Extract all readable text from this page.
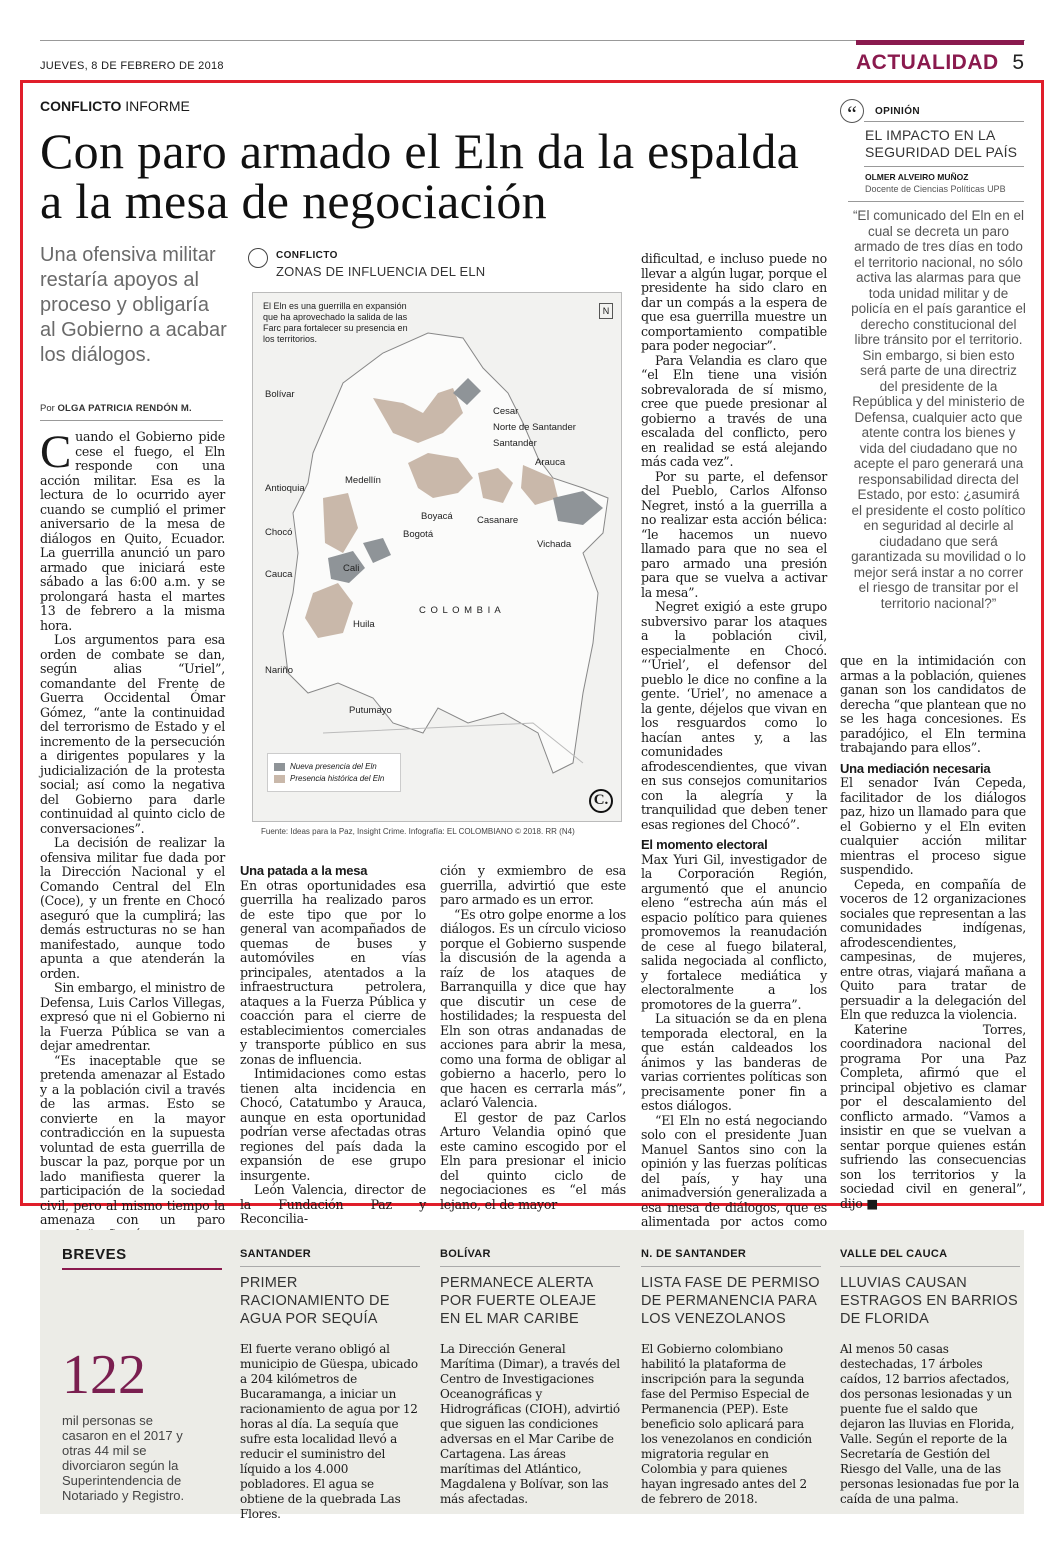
JUEVES, 8 DE FEBRERO DE 2018	ACTUALIDAD 5
CONFLICTO INFORME
Con paro armado el Eln da la espalda a la mesa de negociación
Una ofensiva militar restaría apoyos al proceso y obligaría al Gobierno a acabar los diálogos.
Por OLGA PATRICIA RENDÓN M.

Cuando el Gobierno pide cese el fuego, el Eln responde con una acción militar. Esa es la lectura de lo ocurrido ayer cuando se cumplió el primer aniversario de la mesa de diálogos en Quito, Ecuador. La guerrilla anunció un paro armado que iniciará este sábado a las 6:00 a.m. y se prolongará hasta el martes 13 de febrero a la misma hora.

Los argumentos para esa orden de combate se dan, según alias “Uriel”, comandante del Frente de Guerra Occidental Ómar Gómez, “ante la continuidad del terrorismo de Estado y el incremento de la persecución a dirigentes populares y la judicialización de la protesta social; así como la negativa del Gobierno para darle continuidad al quinto ciclo de conversaciones”.

La decisión de realizar la ofensiva militar fue dada por la Dirección Nacional y el Comando Central del Eln (Coce), y un frente en Chocó aseguró que la cumplirá; las demás estructuras no se han manifestado, aunque todo apunta a que atenderán la orden.

Sin embargo, el ministro de Defensa, Luis Carlos Villegas, expresó que ni el Gobierno ni la Fuerza Pública se van a dejar amedrentar.

“Es inaceptable que se pretenda amenazar al Estado y a la población civil a través de las armas. Esto se convierte en la mayor contradicción en la supuesta voluntad de esta guerrilla de buscar la paz, porque por un lado manifiesta querer la participación de la sociedad civil, pero al mismo tiempo la amenaza con un paro

CONFLICTO
ZONAS DE INFLUENCIA DEL ELN
El Eln es una guerrilla en expansión que ha aprovechado la salida de las Farc para fortalecer su presencia en los territorios.
N
Bolívar
Cesar
Norte de Santander
Santander
Arauca
Antioquia
Medellín
Chocó
Boyacá	Casanare
Bogotá
Vichada
Cauca
Cali
C O L O M B I A
Huila
Nariño
Putumayo
Nueva presencia del Eln
Presencia histórica del Eln
C.
Fuente: Ideas para la Paz, Insight Crime. Infografía: EL COLOMBIANO © 2018. RR (N4)

Una patada a la mesa

En otras oportunidades esa guerrilla ha realizado paros de este tipo que por lo general van acompañados de quemas de buses y automóviles en vías principales, atentados a la infraestructura petrolera, ataques a la Fuerza Pública y coacción para el cierre de establecimientos comerciales y transporte público en sus zonas de influencia.

Intimidaciones como estas tienen alta incidencia en Chocó, Catatumbo y Arauca, aunque en esta oportunidad podrían verse afectadas otras regiones del país dada la expansión de ese grupo insurgente.

León Valencia, director de la Fundación Paz y Reconcilia-

ción y exmiembro de esa guerrilla, advirtió que este paro armado es un error.

“Es otro golpe enorme a los diálogos. Es un círculo vicioso porque el Gobierno suspende la discusión de la agenda a raíz de los ataques de Barranquilla y dice que hay que discutir un cese de hostilidades; la respuesta del Eln son otras andanadas de acciones para abrir la mesa, como una forma de obligar al gobierno a hacerlo, pero lo que hacen es cerrarla más”, aclaró Valencia.

El gestor de paz Carlos Arturo Velandia opinó que este camino escogido por el Eln para presionar el inicio del quinto ciclo de negociaciones es “el más lejano, el de mayor

dificultad, e incluso puede no llevar a algún lugar, porque el presidente ha sido claro en dar un compás a la espera de que esa guerrilla muestre un comportamiento compatible para poder negociar”.

Para Velandia es claro que “el Eln tiene una visión sobrevalorada de sí mismo, cree que puede presionar al gobierno a través de una escalada del conflicto, pero en realidad se está alejando más cada vez”.

Por su parte, el defensor del Pueblo, Carlos Alfonso Negret, instó a la guerrilla a no realizar esta acción bélica: “le hacemos un nuevo llamado para que no sea el paro armado una presión para que se vuelva a activar la mesa”.

Negret exigió a este grupo subversivo parar los ataques a la población civil, especialmente en Chocó. “‘Uriel’, el defensor del pueblo le dice no confine a la gente. ‘Uriel’, no amenace a la gente, déjelos que vivan en los resguardos como lo hacían antes y, a las comunidades afrodescendientes, que vivan en sus consejos comunitarios con la alegría y la tranquilidad que deben tener esas regiones del Chocó”.

El momento electoral

Max Yuri Gil, investigador de la Corporación Región, argumentó que el anuncio eleno “estrecha aún más el espacio político para quienes promovemos la reanudación de cese al fuego bilateral, salida negociada al conflicto, y fortalece mediática y electoralmente a los promotores de la guerra”.

La situación se da en plena temporada electoral, en la que están caldeados los ánimos y las banderas de varias corrientes políticas son precisamente poner fin a estos diálogos.

“El Eln no está negociando solo con el presidente Juan Manuel Santos sino con la opinión y las fuerzas políticas del país, y hay una animadversión generalizada a esa mesa de diálogos, que es alimentada por actos como

“	OPINIÓN
EL IMPACTO EN LA SEGURIDAD DEL PAÍS
OLMER ALVEIRO MUÑOZ
Docente de Ciencias Políticas UPB
“El comunicado del Eln en el cual se decreta un paro armado de tres días en todo el territorio nacional, no sólo activa las alarmas para que toda unidad militar y de policía en el país garantice el derecho constitucional del libre tránsito por el territorio. Sin embargo, si bien esto será parte de una directriz del presidente de la República y del ministerio de Defensa, cualquier acto que atente contra los bienes y vida del ciudadano que no acepte el paro generará una responsabilidad directa del Estado, por esto: ¿asumirá el presidente el costo político en seguridad al decirle al ciudadano que será garantizada su movilidad o lo mejor será instar a no correr el riesgo de transitar por el territorio nacional?”

que en la intimidación con armas a la población, quienes ganan son los candidatos de derecha “que plantean que no se les haga concesiones. Es paradójico, el Eln termina trabajando para ellos”.

Una mediación necesaria

El senador Iván Cepeda, facilitador de los diálogos paz, hizo un llamado para que el Gobierno y el Eln eviten cualquier acción militar mientras el proceso sigue suspendido.

Cepeda, en compañía de voceros de 12 organizaciones sociales que representan a las comunidades indígenas, afrodescendientes, campesinas, de mujeres, entre otras, viajará mañana a Quito para tratar de persuadir a la delegación del Eln que reduzca la violencia.

Katerine Torres, coordinadora nacional del programa Por una Paz Completa, afirmó que el principal objetivo es clamar por el descalamiento del conflicto armado. “Vamos a insistir en que se vuelvan a sentar porque quienes están sufriendo las consecuencias son los territorios y la sociedad civil en general”, dijo ■

BREVES
122
mil personas se casaron en el 2017 y otras 44 mil se divorciaron según la Superintendencia de Notariado y Registro.
SANTANDER
PRIMER RACIONAMIENTO DE AGUA POR SEQUÍA
El fuerte verano obligó al municipio de Güespa, ubicado a 204 kilómetros de Bucaramanga, a iniciar un racionamiento de agua por 12 horas al día. La sequía que sufre esta localidad llevó a reducir el suministro del líquido a los 4.000 pobladores. El agua se obtiene de la quebrada Las Flores.
BOLÍVAR
PERMANECE ALERTA POR FUERTE OLEAJE EN EL MAR CARIBE
La Dirección General Marítima (Dimar), a través del Centro de Investigaciones Oceanográficas y Hidrográficas (CIOH), advirtió que siguen las condiciones adversas en el Mar Caribe de Cartagena. Las áreas marítimas del Atlántico, Magdalena y Bolívar, son las más afectadas.
N. DE SANTANDER
LISTA FASE DE PERMISO DE PERMANENCIA PARA LOS VENEZOLANOS
El Gobierno colombiano habilitó la plataforma de inscripción para la segunda fase del Permiso Especial de Permanencia (PEP). Este beneficio solo aplicará para los venezolanos en condición migratoria regular en Colombia y para quienes hayan ingresado antes del 2 de febrero de 2018.
VALLE DEL CAUCA
LLUVIAS CAUSAN ESTRAGOS EN BARRIOS DE FLORIDA
Al menos 50 casas destechadas, 17 árboles caídos, 12 barrios afectados, dos personas lesionadas y un puente fue el saldo que dejaron las lluvias en Florida, Valle. Según el reporte de la Secretaría de Gestión del Riesgo del Valle, una de las personas lesionadas fue por la caída de una palma.
